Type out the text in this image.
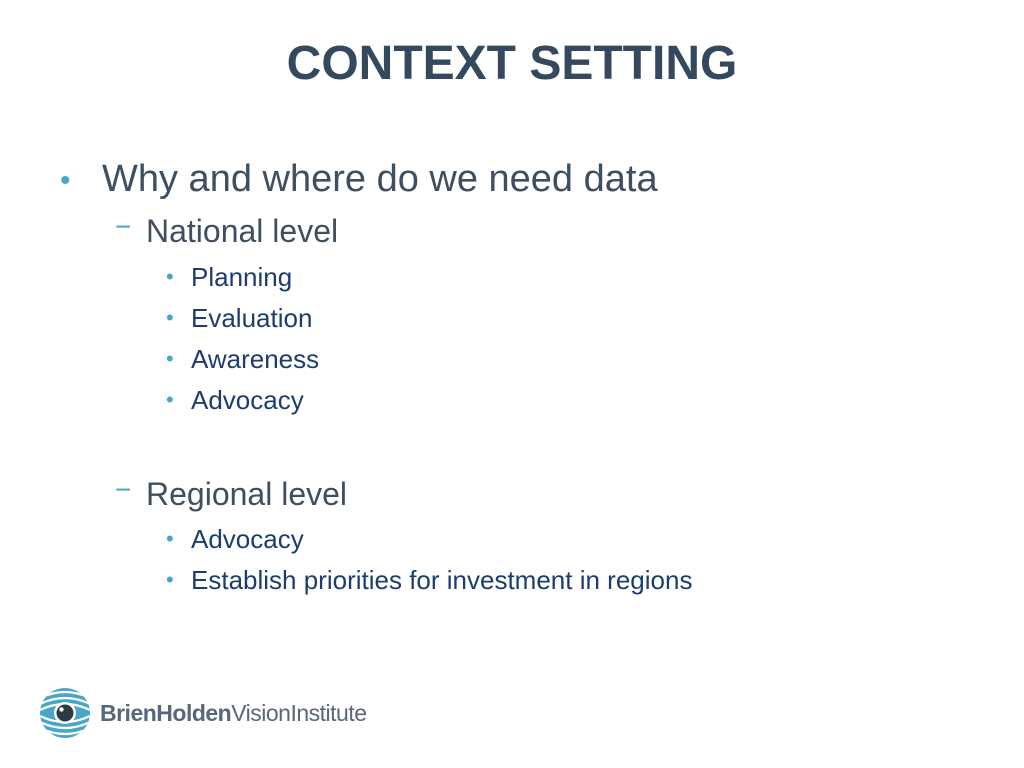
CONTEXT SETTING
• Why and where do we need data
− National level
• Planning
• Evaluation
• Awareness
• Advocacy
− Regional level
• Advocacy
• Establish priorities for investment in regions
BrienHoldenVisionInstitute
